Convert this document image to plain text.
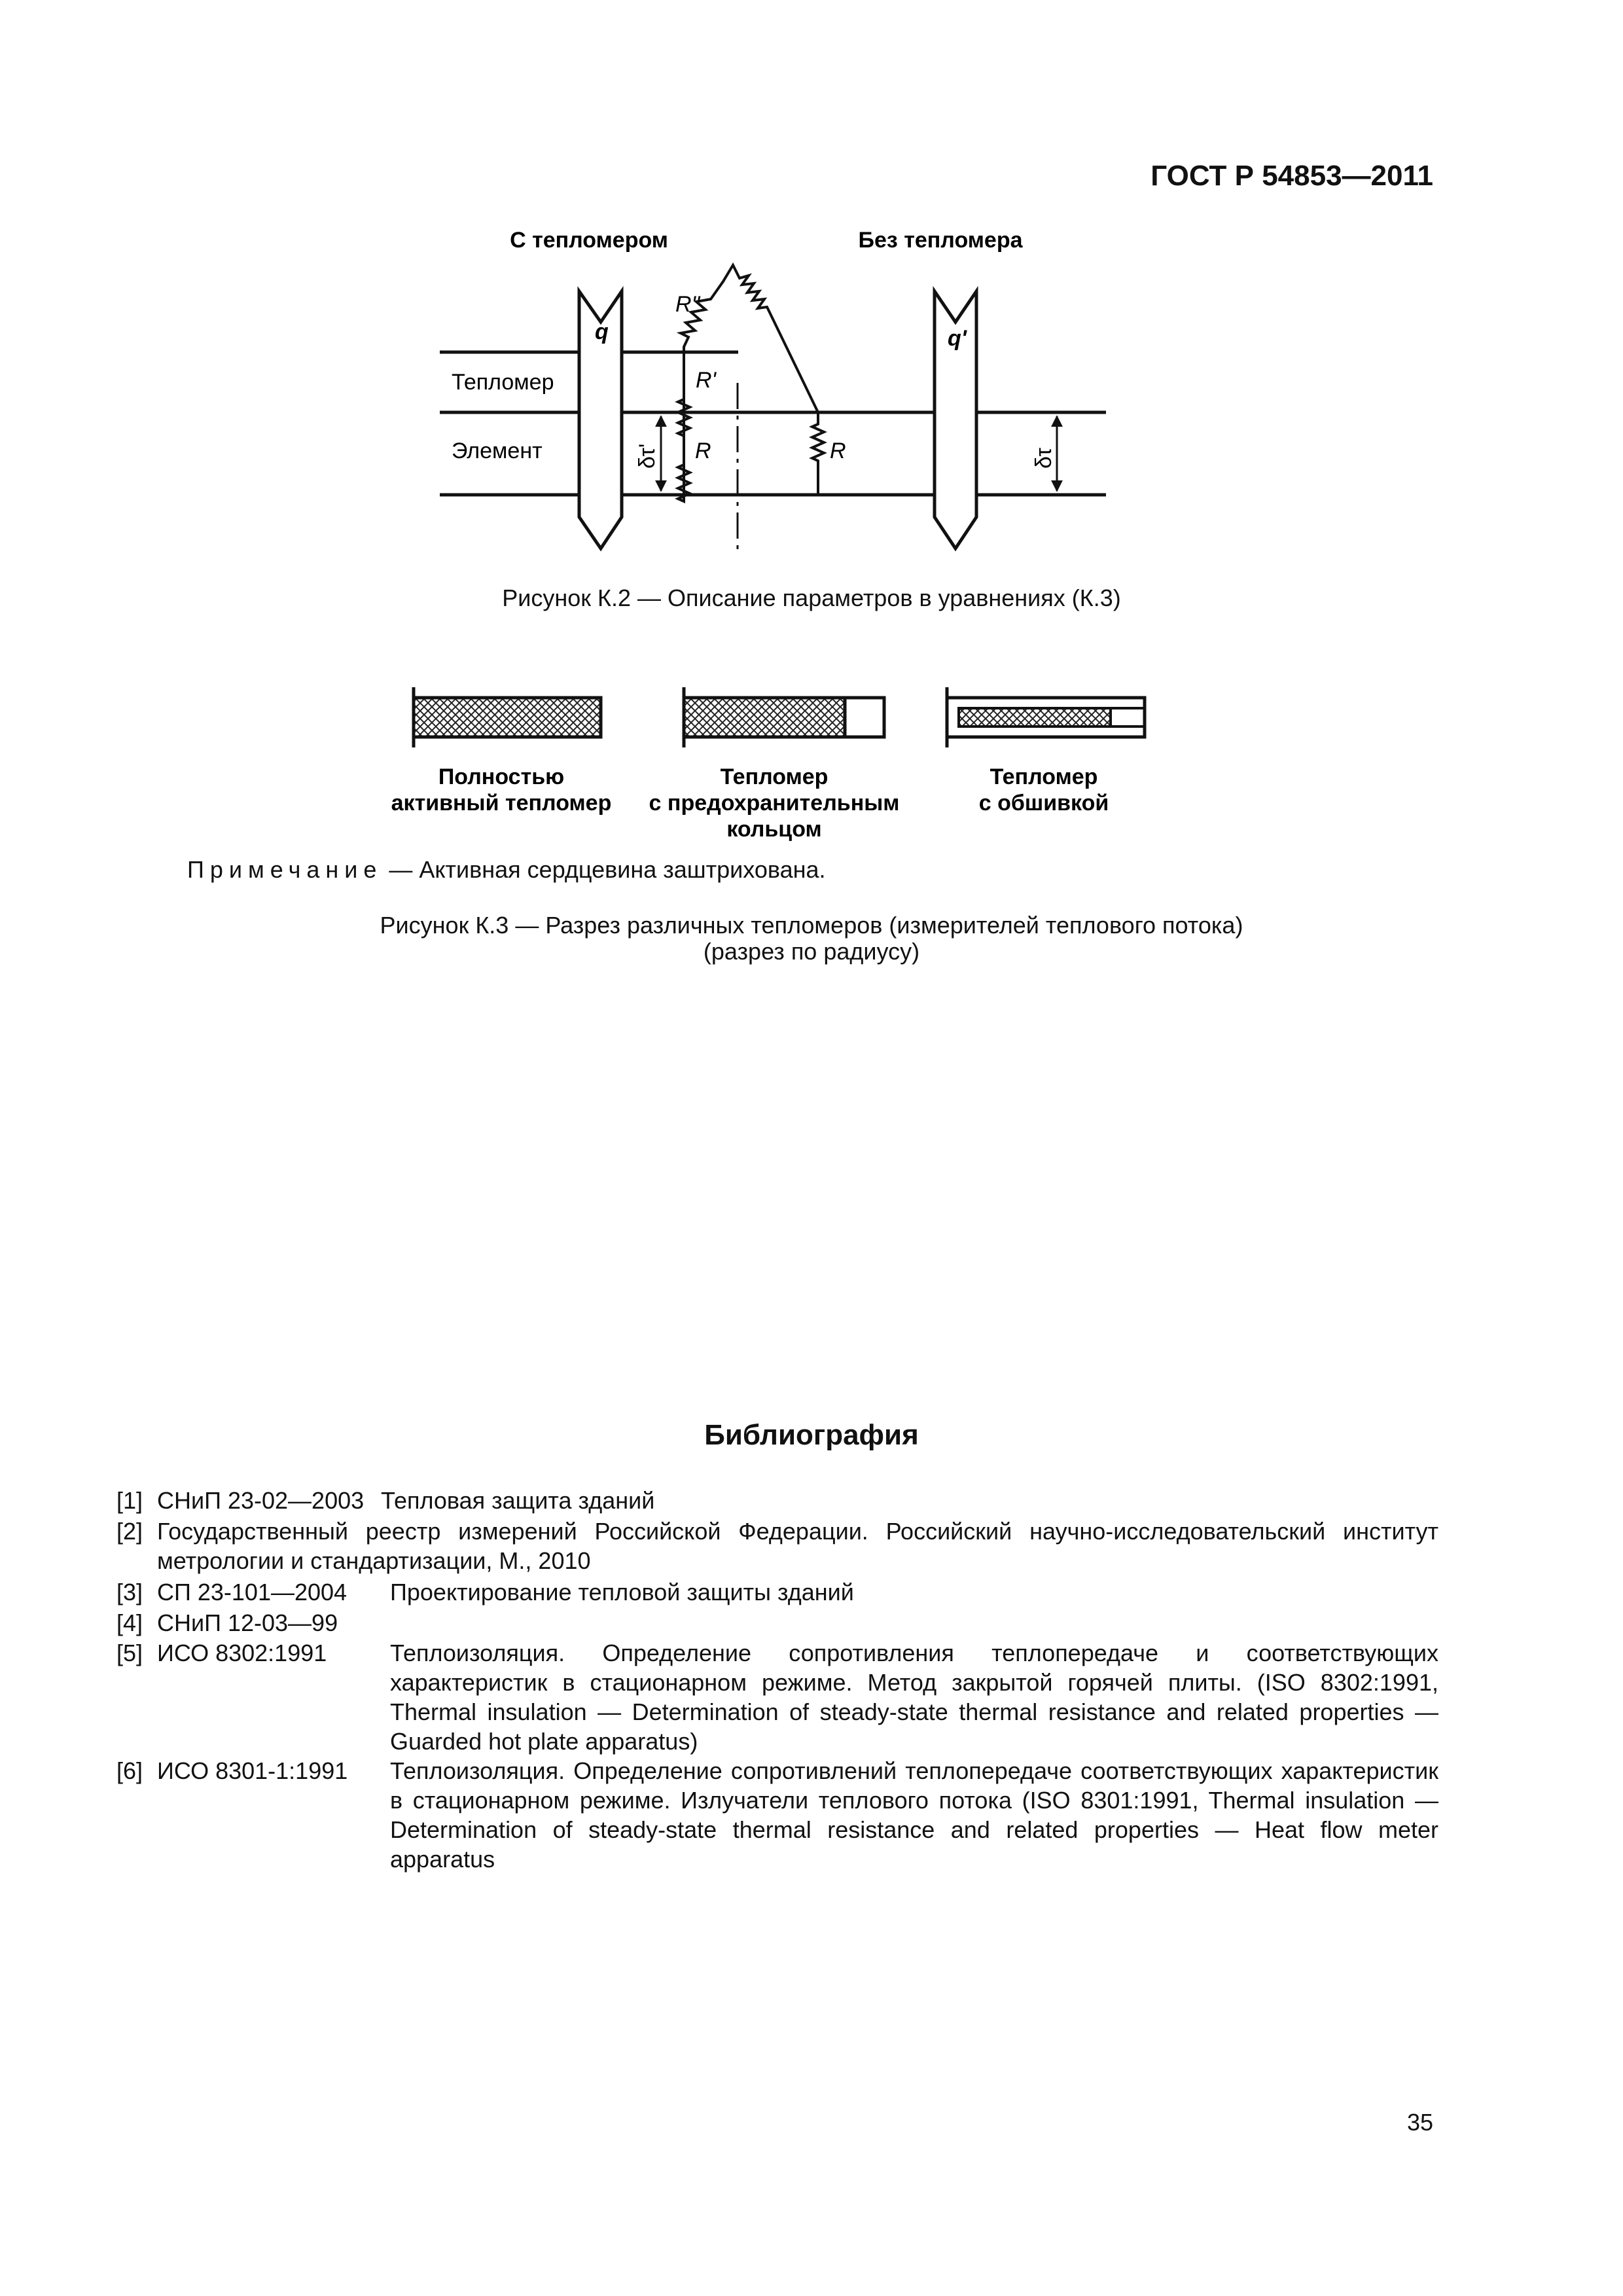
ГОСТ Р 54853—2011
С тепломером	Без тепломера
Тепломер
Элемент
q	q'
R''
R'
R	R
δτ'	δτ
Рисунок К.2 — Описание параметров в уравнениях (К.3)
Полностью
активный тепломер
Тепломер
с предохранительным
кольцом
Тепломер
с обшивкой
Примечание — Активная сердцевина заштрихована.
Рисунок К.3 — Разрез различных тепломеров (измерителей теплового потока)
(разрез по радиусу)
Библиография
[1] СНиП 23-02—2003 Тепловая защита зданий
[2] Государственный реестр измерений Российской Федерации. Российский научно-исследовательский институт метрологии и стандартизации, М., 2010
[3] СП 23-101—2004 Проектирование тепловой защиты зданий
[4] СНиП 12-03—99
[5] ИСО 8302:1991	Теплоизоляция. Определение сопротивления теплопередаче и соответствующих характеристик в стационарном режиме. Метод закрытой горячей плиты. (ISO 8302:1991, Thermal insulation — Determination of steady-state thermal resistance and related properties — Guarded hot plate apparatus)
[6] ИСО 8301-1:1991 Теплоизоляция. Определение сопротивлений теплопередаче соответствующих характеристик в стационарном режиме. Излучатели теплового потока (ISO 8301:1991, Thermal insulation — Determination of steady-state thermal resistance and related properties — Heat flow meter apparatus
35
